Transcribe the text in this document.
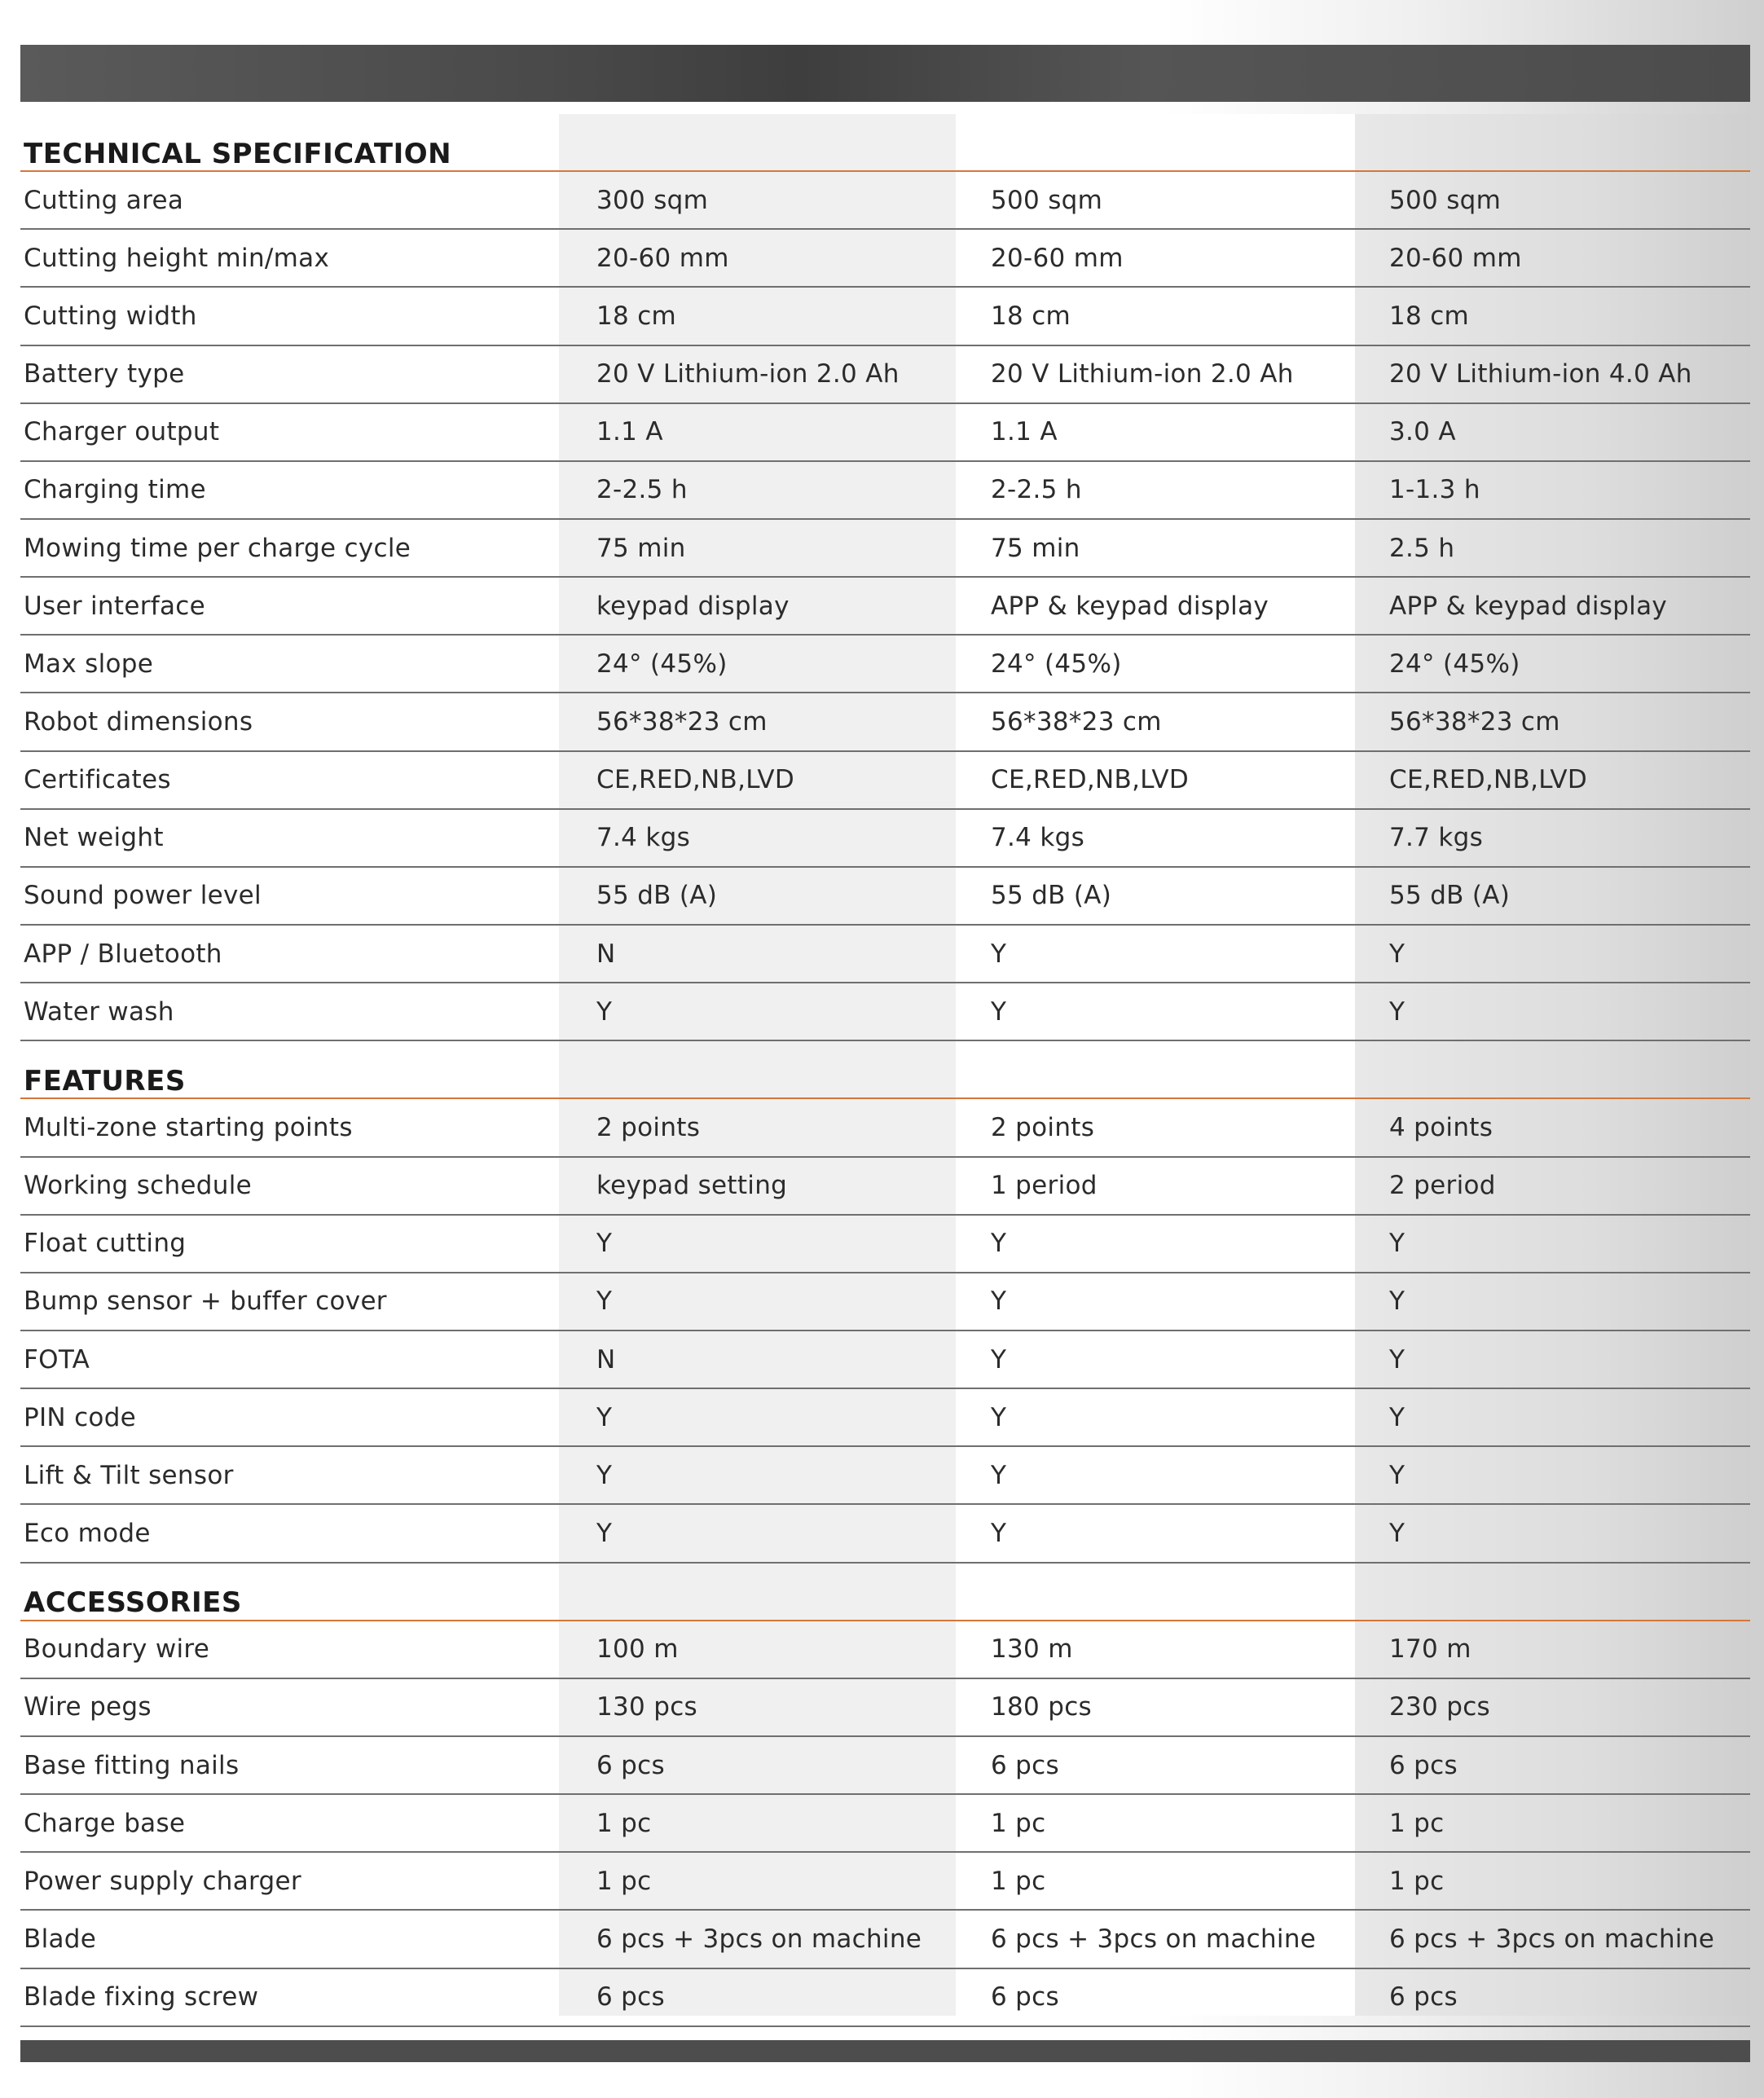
TECHNICAL SPECIFICATION
Cutting area	300 sqm	500 sqm	500 sqm
Cutting height min/max	20-60 mm	20-60 mm	20-60 mm
Cutting width	18 cm	18 cm	18 cm
Battery type	20 V Lithium-ion 2.0 Ah	20 V Lithium-ion 2.0 Ah	20 V Lithium-ion 4.0 Ah
Charger output	1.1 A	1.1 A	3.0 A
Charging time	2-2.5 h	2-2.5 h	1-1.3 h
Mowing time per charge cycle	75 min	75 min	2.5 h
User interface	keypad display	APP & keypad display	APP & keypad display
Max slope	24° (45%)	24° (45%)	24° (45%)
Robot dimensions	56*38*23 cm	56*38*23 cm	56*38*23 cm
Certificates	CE,RED,NB,LVD	CE,RED,NB,LVD	CE,RED,NB,LVD
Net weight	7.4 kgs	7.4 kgs	7.7 kgs
Sound power level	55 dB (A)	55 dB (A)	55 dB (A)
APP / Bluetooth	N	Y	Y
Water wash	Y	Y	Y
FEATURES
Multi-zone starting points	2 points	2 points	4 points
Working schedule	keypad setting	1 period	2 period
Float cutting	Y	Y	Y
Bump sensor + buffer cover	Y	Y	Y
FOTA	N	Y	Y
PIN code	Y	Y	Y
Lift & Tilt sensor	Y	Y	Y
Eco mode	Y	Y	Y
ACCESSORIES
Boundary wire	100 m	130 m	170 m
Wire pegs	130 pcs	180 pcs	230 pcs
Base fitting nails	6 pcs	6 pcs	6 pcs
Charge base	1 pc	1 pc	1 pc
Power supply charger	1 pc	1 pc	1 pc
Blade	6 pcs + 3pcs on machine	6 pcs + 3pcs on machine	6 pcs + 3pcs on machine
Blade fixing screw	6 pcs	6 pcs	6 pcs
